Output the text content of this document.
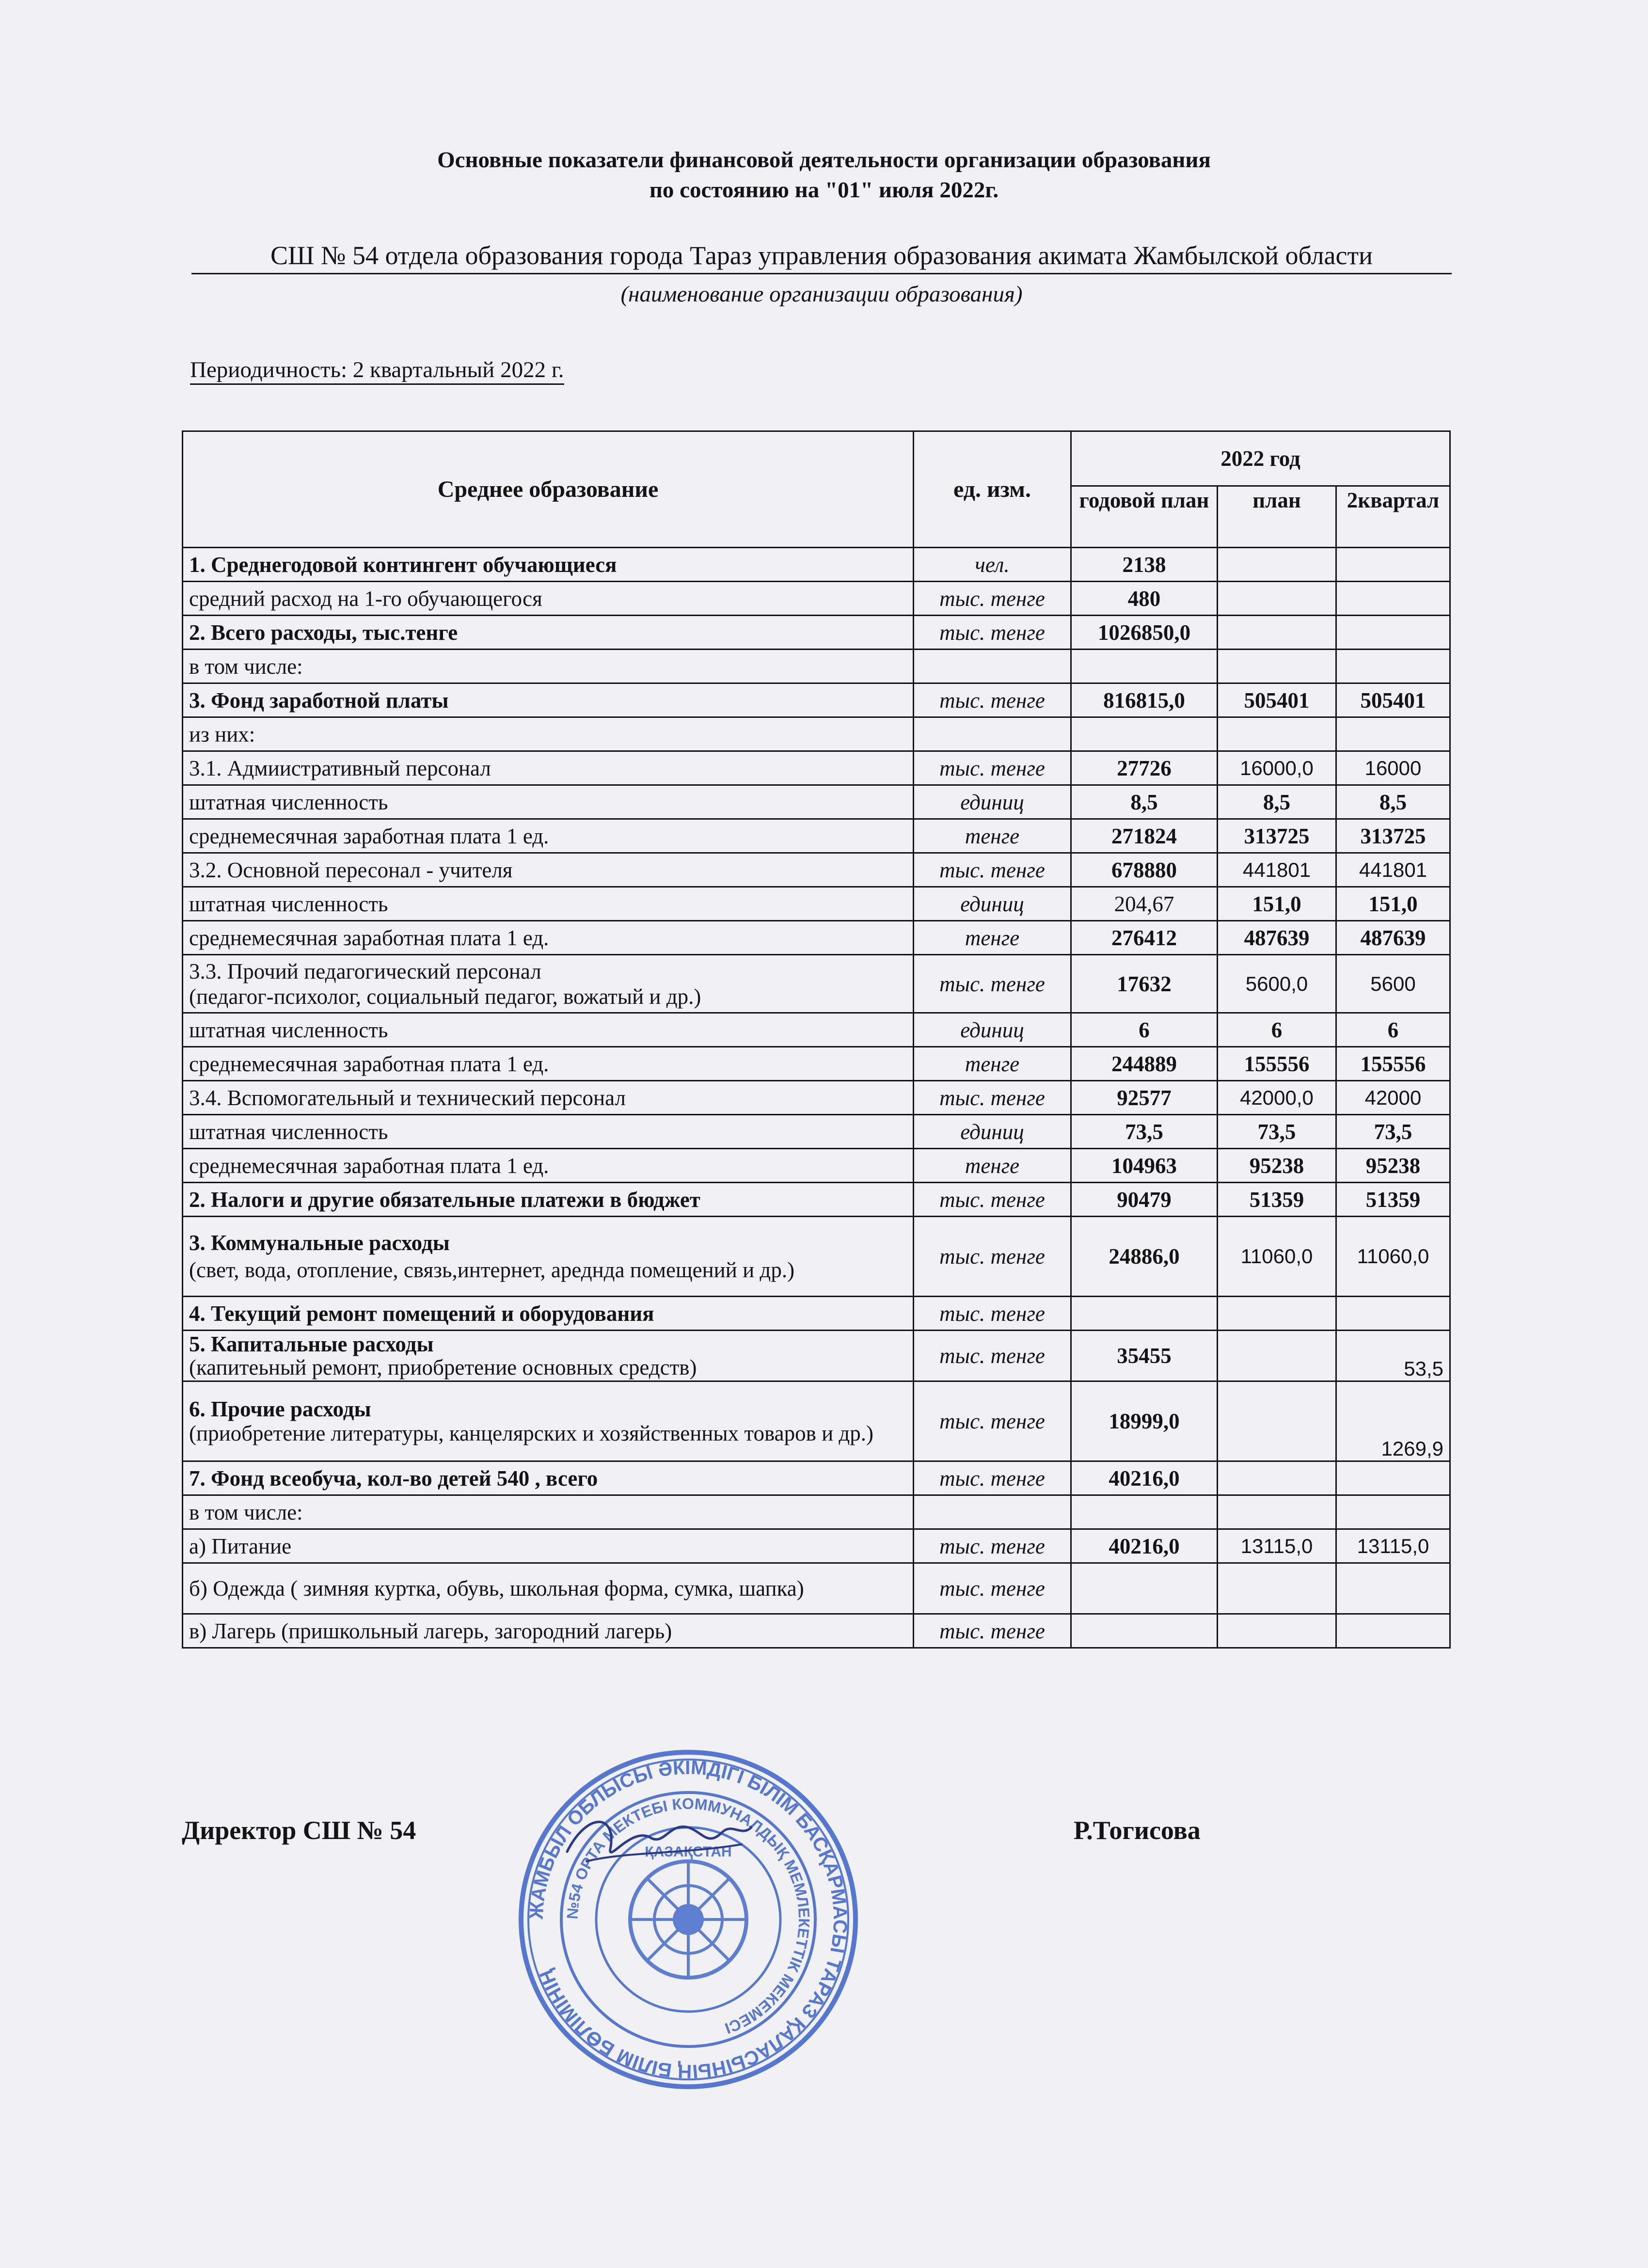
Основные показатели финансовой деятельности организации образования
по состоянию на "01" июля 2022г.
СШ № 54 отдела образования города Тараз управления образования акимата Жамбылской области
(наименование организации образования)
Периодичность: 2 квартальный 2022 г.
Среднее образование	ед. изм.	2022 год		
		годовой план	план	2квартал
1. Среднегодовой контингент обучающиеся	чел.	2138		
средний расход на 1-го обучающегося	тыс. тенге	480		
2. Всего расходы, тыс.тенге	тыс. тенге	1026850,0		
в том числе:				
3. Фонд заработной платы	тыс. тенге	816815,0	505401	505401
из них:				
3.1. Адмиистративный персонал	тыс. тенге	27726	16000,0	16000
штатная численность	единиц	8,5	8,5	8,5
среднемесячная заработная плата 1 ед.	тенге	271824	313725	313725
3.2. Основной пересонал - учителя	тыс. тенге	678880	441801	441801
штатная численность	единиц	204,67	151,0	151,0
среднемесячная заработная плата 1 ед.	тенге	276412	487639	487639

3.3. Прочий педагогический персонал
(педагог-психолог, социальный педагог, вожатый и др.)	тыс. тенге	17632	5600,0	5600
штатная численность	единиц	6	6	6
среднемесячная заработная плата 1 ед.	тенге	244889	155556	155556
3.4. Вспомогательный и технический персонал	тыс. тенге	92577	42000,0	42000
штатная численность	единиц	73,5	73,5	73,5
среднемесячная заработная плата 1 ед.	тенге	104963	95238	95238
2. Налоги и другие обязательные платежи в бюджет	тыс. тенге	90479	51359	51359

3. Коммунальные расходы
(свет, вода, отопление, связь,интернет, ареднда помещений и др.)	тыс. тенге	24886,0	11060,0	11060,0
4. Текущий ремонт помещений и оборудования	тыс. тенге			

5. Капитальные расходы
(капитеьный ремонт, приобретение основных средств)	тыс. тенге	35455		53,5

6. Прочие расходы
(приобретение литературы, канцелярских и хозяйственных товаров и др.)	тыс. тенге	18999,0		1269,9
7. Фонд всеобуча, кол-во детей 540 , всего	тыс. тенге	40216,0		
в том числе:				
а) Питание	тыс. тенге	40216,0	13115,0	13115,0
б) Одежда ( зимняя куртка, обувь, школьная форма, сумка, шапка)	тыс. тенге			
в) Лагерь (пришкольный лагерь, загородний лагерь)	тыс. тенге			
Директор СШ № 54	Р.Тогисова
ЖАМБЫЛ ОБЛЫСЫ ӘКІМДІГІ БІЛІМ БАСҚАРМАСЫ ТАРАЗ ҚАЛАСЫНЫҢ БІЛІМ БӨЛІМІНІҢ
№54 ОРТА МЕКТЕБІ КОММУНАЛДЫҚ МЕМЛЕКЕТТІК МЕКЕМЕСІ
ҚАЗАҚСТАН
